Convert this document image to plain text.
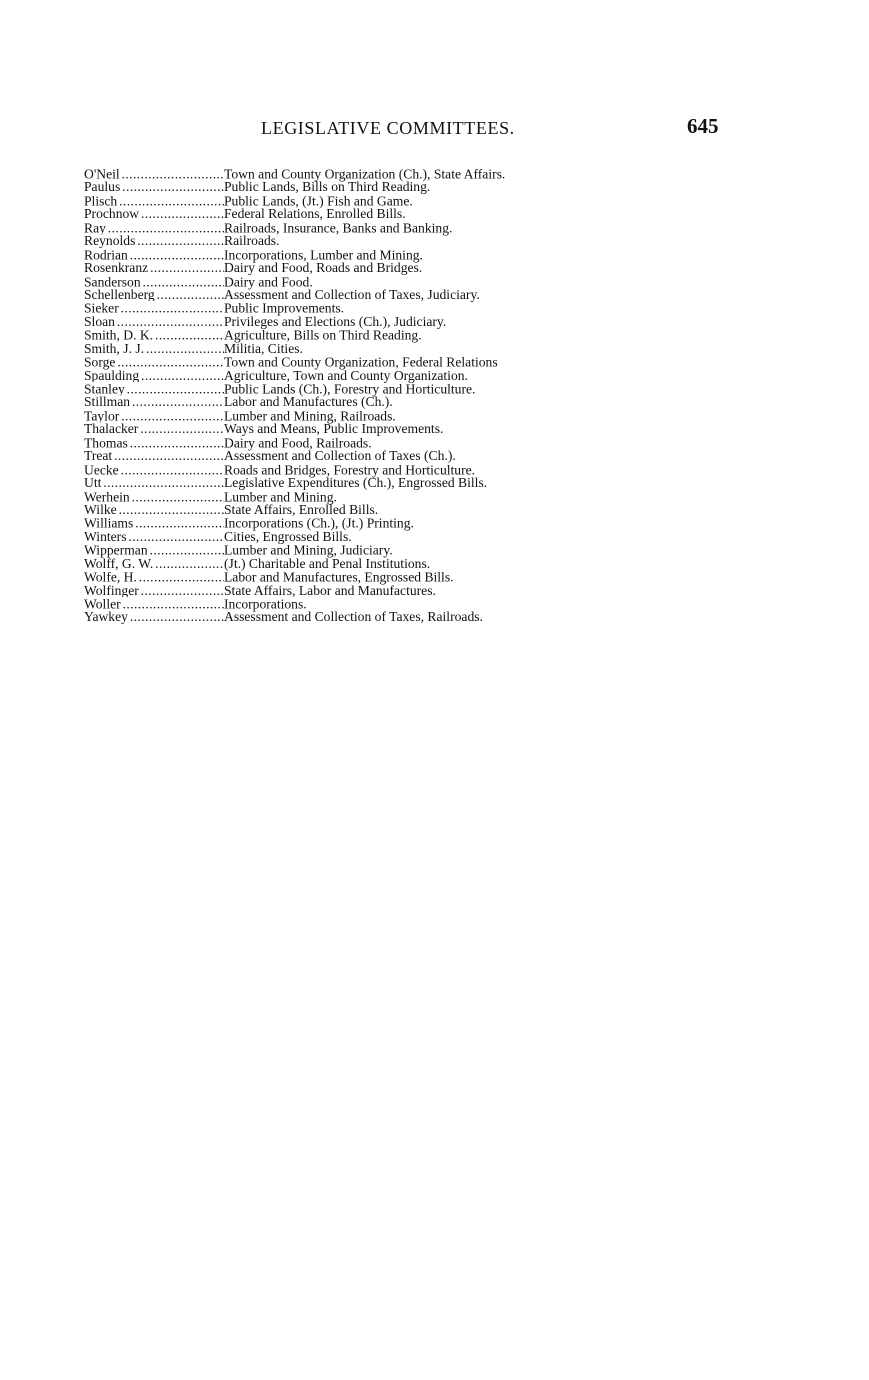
LEGISLATIVE COMMITTEES.	645
O'Neil . . .	Town and County Organization (Ch.), State Affairs.
Paulus . . .	Public Lands, Bills on Third Reading.
Plisch . . .	Public Lands, (Jt.) Fish and Game.
Prochnow . . .	Federal Relations, Enrolled Bills.
Ray . . .	Railroads, Insurance, Banks and Banking.
Reynolds . . .	Railroads.
Rodrian . . .	Incorporations, Lumber and Mining.
Rosenkranz . . .	Dairy and Food, Roads and Bridges.
Sanderson . . .	Dairy and Food.
Schellenberg . . .	Assessment and Collection of Taxes, Judiciary.
Sieker . . .	Public Improvements.
Sloan . . .	Privileges and Elections (Ch.), Judiciary.
Smith, D. K. . . .	Agriculture, Bills on Third Reading.
Smith, J. J. . . .	Militia, Cities.
Sorge . . .	Town and County Organization, Federal Relations
Spaulding . . .	Agriculture, Town and County Organization.
Stanley . . .	Public Lands (Ch.), Forestry and Horticulture.
Stillman . . .	Labor and Manufactures (Ch.).
Taylor . . .	Lumber and Mining, Railroads.
Thalacker . . .	Ways and Means, Public Improvements.
Thomas . . .	Dairy and Food, Railroads.
Treat . . .	Assessment and Collection of Taxes (Ch.).
Uecke . . .	Roads and Bridges, Forestry and Horticulture.
Utt . . .	Legislative Expenditures (Ch.), Engrossed Bills.
Werhein . . .	Lumber and Mining.
Wilke . . .	State Affairs, Enrolled Bills.
Williams . . .	Incorporations (Ch.), (Jt.) Printing.
Winters . . .	Cities, Engrossed Bills.
Wipperman . . .	Lumber and Mining, Judiciary.
Wolff, G. W. . . .	(Jt.) Charitable and Penal Institutions.
Wolfe, H. . . .	Labor and Manufactures, Engrossed Bills.
Wolfinger . . .	State Affairs, Labor and Manufactures.
Woller . . .	Incorporations.
Yawkey . . .	Assessment and Collection of Taxes, Railroads.
